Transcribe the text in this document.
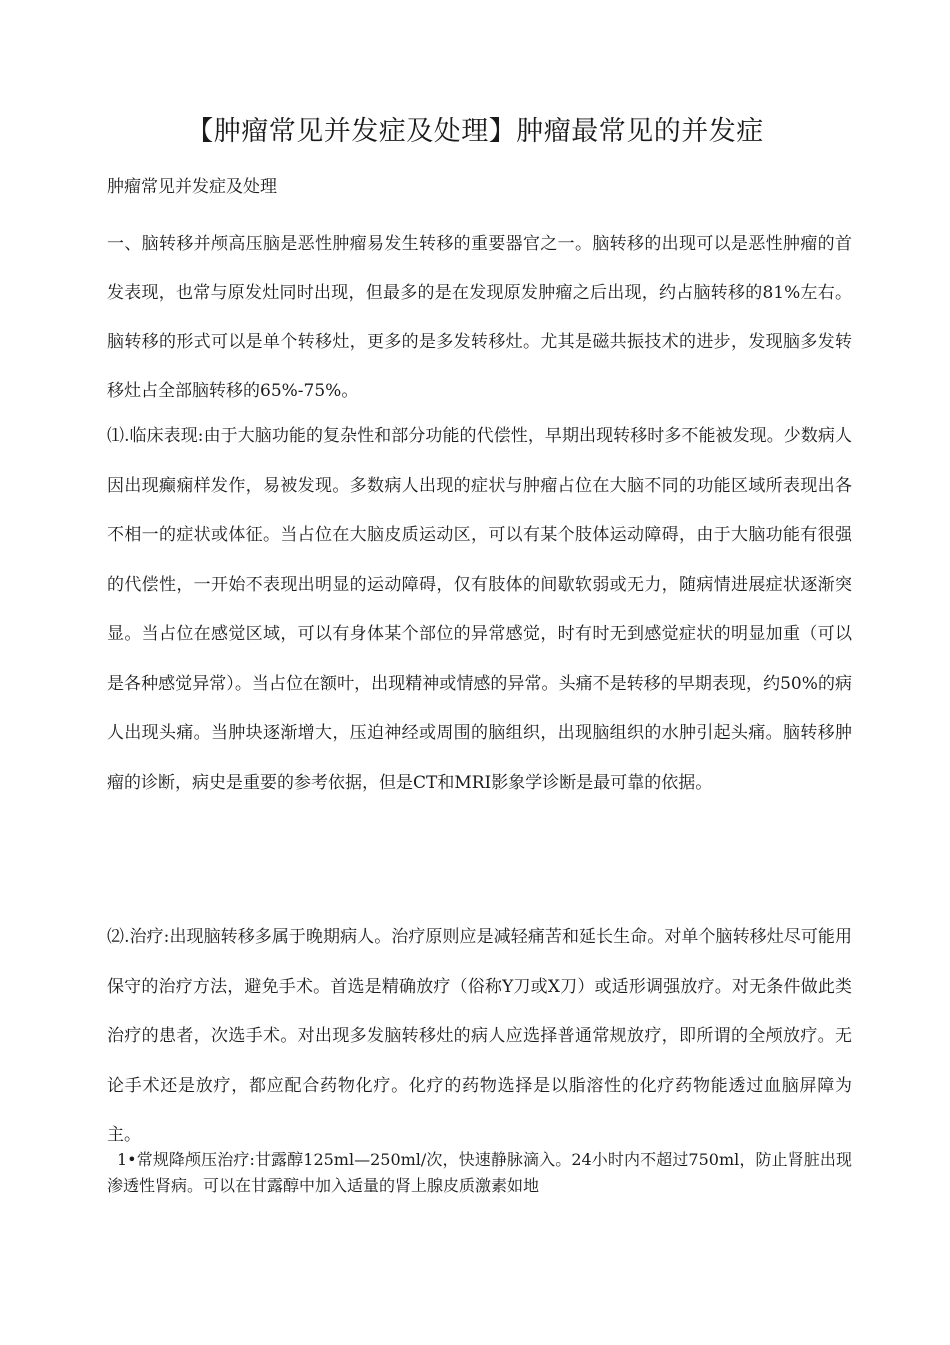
【肿瘤常见并发症及处理】肿瘤最常见的并发症
肿瘤常见并发症及处理

一、脑转移并颅高压脑是恶性肿瘤易发生转移的重要器官之一。脑转移的出现可以是恶性肿瘤的首发表现，也常与原发灶同时出现，但最多的是在发现原发肿瘤之后出现，约占脑转移的81%左右。脑转移的形式可以是单个转移灶，更多的是多发转移灶。尤其是磁共振技术的进步，发现脑多发转移灶占全部脑转移的65%-75%。

⑴.临床表现:由于大脑功能的复杂性和部分功能的代偿性，早期出现转移时多不能被发现。少数病人因出现癫痫样发作，易被发现。多数病人出现的症状与肿瘤占位在大脑不同的功能区域所表现出各不相一的症状或体征。当占位在大脑皮质运动区，可以有某个肢体运动障碍，由于大脑功能有很强的代偿性，一开始不表现出明显的运动障碍，仅有肢体的间歇软弱或无力，随病情进展症状逐渐突显。当占位在感觉区域，可以有身体某个部位的异常感觉，时有时无到感觉症状的明显加重（可以是各种感觉异常）。当占位在额叶，出现精神或情感的异常。头痛不是转移的早期表现，约50%的病人出现头痛。当肿块逐渐增大，压迫神经或周围的脑组织，出现脑组织的水肿引起头痛。脑转移肿瘤的诊断，病史是重要的参考依据，但是CT和MRI影象学诊断是最可靠的依据。

⑵.治疗:出现脑转移多属于晚期病人。治疗原则应是减轻痛苦和延长生命。对单个脑转移灶尽可能用保守的治疗方法，避免手术。首选是精确放疗（俗称Y刀或X刀）或适形调强放疗。对无条件做此类治疗的患者，次选手术。对出现多发脑转移灶的病人应选择普通常规放疗，即所谓的全颅放疗。无论手术还是放疗，都应配合药物化疗。化疗的药物选择是以脂溶性的化疗药物能透过血脑屏障为主。

1•常规降颅压治疗:甘露醇125ml—250ml/次，快速静脉滴入。24小时内不超过750ml，防止肾脏出现渗透性肾病。可以在甘露醇中加入适量的肾上腺皮质激素如地
